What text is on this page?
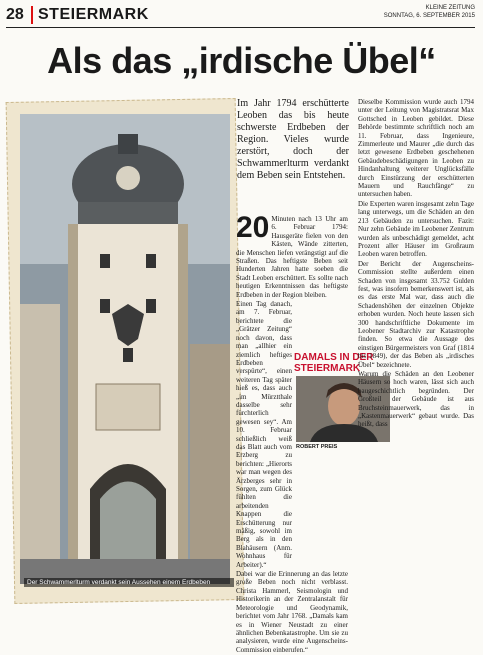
28 STEIERMARK	KLEINE ZEITUNG
SONNTAG, 6. SEPTEMBER 2015
Als das „irdische Übel“
Der Schwammerlturm verdankt sein Aussehen einem Erdbeben
Im Jahr 1794 erschütterte Leoben das bis heute schwerste Erdbeben der Region. Vieles wurde zerstört, doch der Schwammerlturm verdankt dem Beben sein Entstehen.
20 Minuten nach 13 Uhr am 6. Februar 1794: Hausgeräte fielen von den Kästen, Wände zitterten, die Menschen liefen verängstigt auf die Straßen. Das heftigste Beben seit Hunderten Jahren hatte soeben die Stadt Leoben erschüttert. Es sollte nach heutigen Erkenntnissen das heftigste Erdbeben in der Region bleiben.

Einen Tag danach, am 7. Februar, berichtete die „Grätzer Zeitung“ noch davon, dass man „allhier ein ziemlich heftiges Erdbeben verspürte“, einen weiteren Tag später hieß es, dass auch „im Mürztthale dasselbe sehr fürchterlich gewesen sey“. Am 10. Februar schließlich weiß das Blatt auch vom Erzberg zu berichten: „Hierorts war man wegen des Ärzberges sehr in Sorgen, zum Glück fühlten die arbeitenden Knappen die Erschütterung nur mäßig, sowohl im Berg als in den Blahäusern (Anm. Wohnhaus für Arbeiter).“

Dabei war die Erinnerung an das letzte große Beben noch nicht verblasst. Christa Hammerl, Seismologin und Historikerin an der Zentralanstalt für Meteorologie und Geodynamik, berichtet vom Jahr 1768. „Damals kam es in Wiener Neustadt zu einer ähnlichen Bebenkatastrophe. Um sie zu analysieren, wurde eine Augenscheins-Commission einberufen.“

DAMALS IN DER
STEIERMARK
ROBERT PREIS

Dieselbe Kommission wurde auch 1794 unter der Leitung von Magistratsrat Max Gottsched in Leoben gebildet. Diese Behörde bestimmte schriftlich noch am 11. Februar, dass Ingenieure, Zimmerleute und Maurer „die durch das letzt gewesene Erdbeben geschehenen Gebäudebeschädigungen in Leoben zu Hindanhaltung weiterer Unglücksfälle durch Einstürzung der erschütterten Mauern und Rauchfänge“ zu untersuchen haben.

Die Experten waren insgesamt zehn Tage lang unterwegs, um die Schäden an den 213 Gebäuden zu untersuchen. Fazit: Nur zehn Gebäude im Leobener Zentrum wurden als unbeschädigt gemeldet, acht Prozent aller Häuser im Großraum Leoben waren betroffen.

Der Bericht der Augenscheins-Commission stellte außerdem einen Schaden von insgesamt 33.752 Gulden fest, was insofern bemerkenswert ist, als es das erste Mal war, dass auch die Schadenshöhen der einzelnen Objekte erhoben wurden. Noch heute lassen sich 300 handschriftliche Dokumente im Leobener Stadtarchiv zur Katastrophe finden. So etwa die Aussage des einstigen Bürgermeisters von Graf (1814 bis 1849), der das Beben als „irdisches Übel“ bezeichnete.

Warum die Schäden an den Leobener Häusern so hoch waren, lässt sich auch baugeschichtlich begründen. Der Großteil der Gebäude ist aus Bruchsteinmauerwerk, das in „Kastenmauerwerk“ gebaut wurde. Das heißt, dass
